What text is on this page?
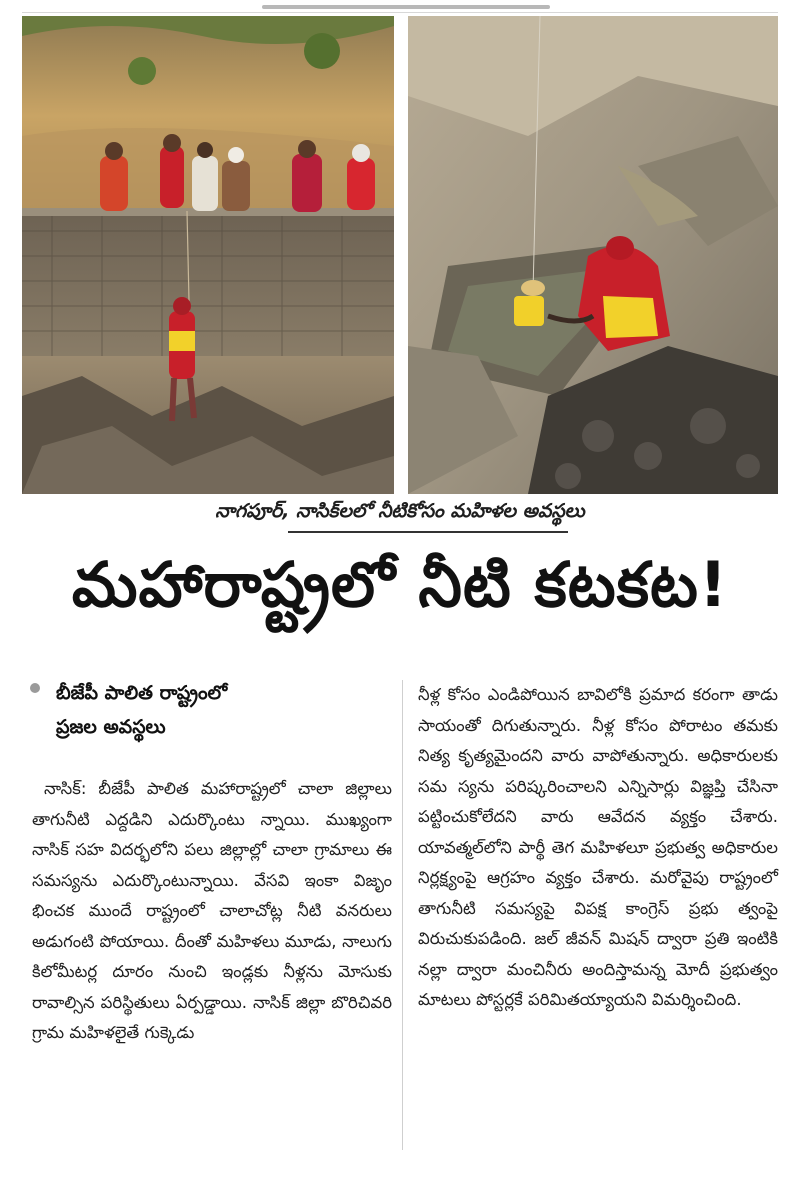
నాగపూర్, నాసిక్‌లలో నీటికోసం మహిళల అవస్థలు
మహారాష్ట్రలో నీటి కటకట!
బీజేపీ పాలిత రాష్ట్రంలో
ప్రజల అవస్థలు
నాసిక్: బీజేపీ పాలిత మహారాష్ట్రలో చాలా జిల్లాలు తాగునీటి ఎద్దడిని ఎదుర్కొంటు న్నాయి. ముఖ్యంగా నాసిక్ సహ విదర్భలోని పలు జిల్లాల్లో చాలా గ్రామాలు ఈ సమస్యను ఎదుర్కొంటున్నాయి. వేసవి ఇంకా విజృం భించక ముందే రాష్ట్రంలో చాలాచోట్ల నీటి వనరులు అడుగంటి పోయాయి. దీంతో మహిళలు మూడు, నాలుగు కిలోమీటర్ల దూరం నుంచి ఇండ్లకు నీళ్లను మోసుకు రావాల్సిన పరిస్థితులు ఏర్పడ్డాయి. నాసిక్ జిల్లా బొరిచివరి గ్రామ మహిళలైతే గుక్కెడు
నీళ్ల కోసం ఎండిపోయిన బావిలోకి ప్రమాద కరంగా తాడు సాయంతో దిగుతున్నారు. నీళ్ల కోసం పోరాటం తమకు నిత్య కృత్యమైందని వారు వాపోతున్నారు. అధికారులకు సమ స్యను పరిష్కరించాలని ఎన్నిసార్లు విజ్ఞప్తి చేసినా పట్టించుకోలేదని వారు ఆవేదన వ్యక్తం చేశారు. యావత్మల్‌లోని పార్థీ తెగ మహిళలూ ప్రభుత్వ అధికారుల నిర్లక్ష్యంపై ఆగ్రహం వ్యక్తం చేశారు. మరోవైపు రాష్ట్రంలో తాగునీటి సమస్యపై విపక్ష కాంగ్రెస్ ప్రభు త్వంపై విరుచుకుపడింది. జల్ జీవన్ మిషన్ ద్వారా ప్రతి ఇంటికి నల్లా ద్వారా మంచినీరు అందిస్తామన్న మోదీ ప్రభుత్వం మాటలు పోస్టర్లకే పరిమితయ్యాయని విమర్శించింది.
